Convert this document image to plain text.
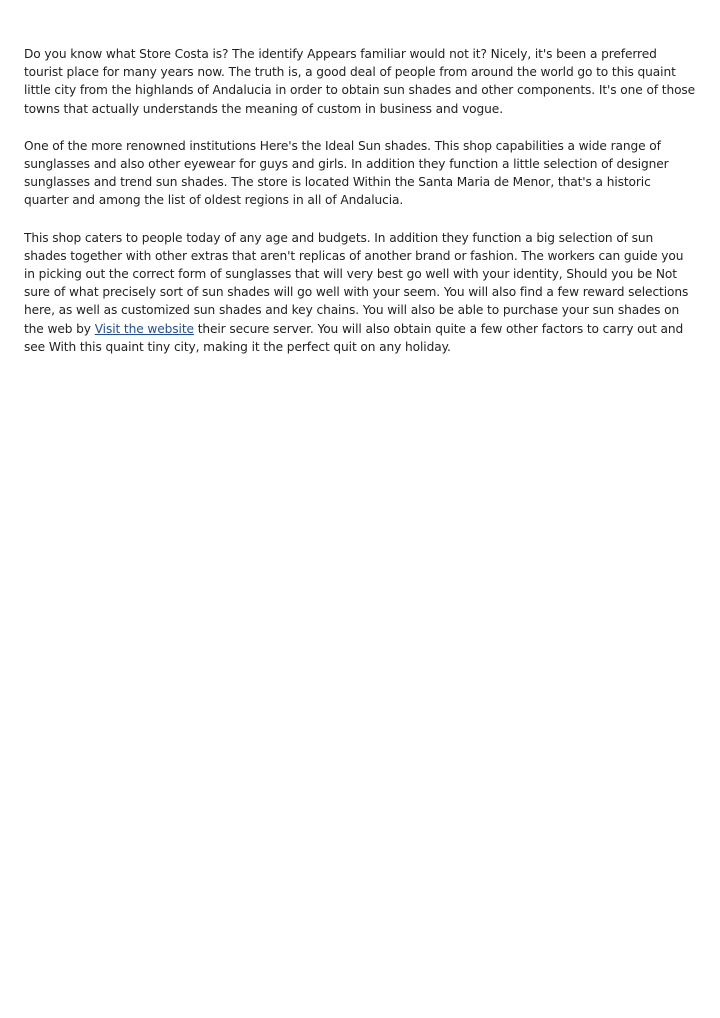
Do you know what Store Costa is? The identify Appears familiar would not it? Nicely, it's been a preferred tourist place for many years now. The truth is, a good deal of people from around the world go to this quaint little city from the highlands of Andalucia in order to obtain sun shades and other components. It's one of those towns that actually understands the meaning of custom in business and vogue.

One of the more renowned institutions Here's the Ideal Sun shades. This shop capabilities a wide range of sunglasses and also other eyewear for guys and girls. In addition they function a little selection of designer sunglasses and trend sun shades. The store is located Within the Santa Maria de Menor, that's a historic quarter and among the list of oldest regions in all of Andalucia.

This shop caters to people today of any age and budgets. In addition they function a big selection of sun shades together with other extras that aren't replicas of another brand or fashion. The workers can guide you in picking out the correct form of sunglasses that will very best go well with your identity, Should you be Not sure of what precisely sort of sun shades will go well with your seem. You will also find a few reward selections here, as well as customized sun shades and key chains. You will also be able to purchase your sun shades on the web by Visit the website their secure server. You will also obtain quite a few other factors to carry out and see With this quaint tiny city, making it the perfect quit on any holiday.
